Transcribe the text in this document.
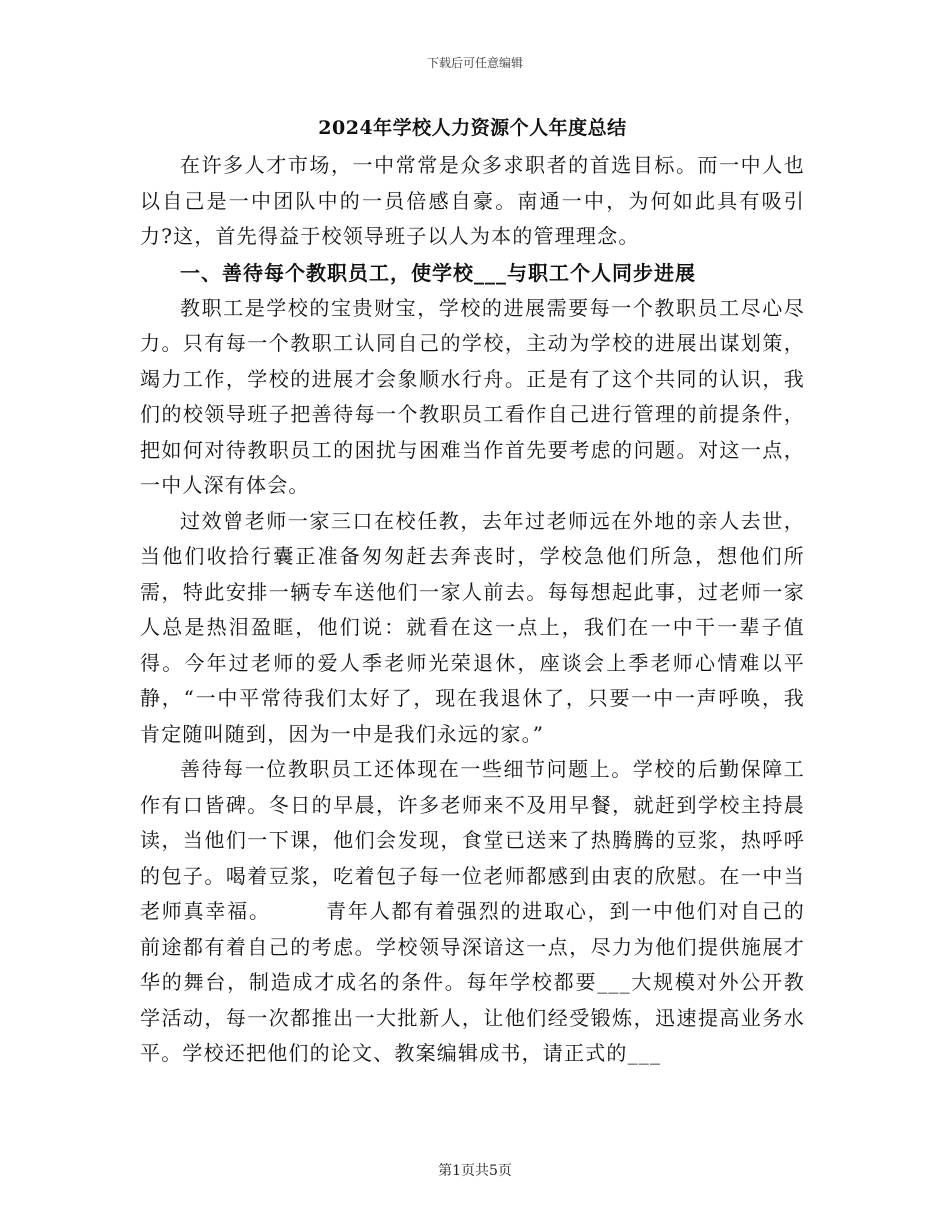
下载后可任意编辑
2024年学校人力资源个人年度总结

在许多人才市场，一中常常是众多求职者的首选目标。而一中人也以自己是一中团队中的一员倍感自豪。南通一中，为何如此具有吸引力?这，首先得益于校领导班子以人为本的管理理念。

一、善待每个教职员工，使学校___与职工个人同步进展

教职工是学校的宝贵财宝，学校的进展需要每一个教职员工尽心尽力。只有每一个教职工认同自己的学校，主动为学校的进展出谋划策，竭力工作，学校的进展才会象顺水行舟。正是有了这个共同的认识，我们的校领导班子把善待每一个教职员工看作自己进行管理的前提条件，把如何对待教职员工的困扰与困难当作首先要考虑的问题。对这一点，一中人深有体会。

过效曾老师一家三口在校任教，去年过老师远在外地的亲人去世，当他们收拾行囊正准备匆匆赶去奔丧时，学校急他们所急，想他们所需，特此安排一辆专车送他们一家人前去。每每想起此事，过老师一家人总是热泪盈眶，他们说：就看在这一点上，我们在一中干一辈子值得。今年过老师的爱人季老师光荣退休，座谈会上季老师心情难以平静，“一中平常待我们太好了，现在我退休了，只要一中一声呼唤，我肯定随叫随到，因为一中是我们永远的家。”

善待每一位教职员工还体现在一些细节问题上。学校的后勤保障工作有口皆碑。冬日的早晨，许多老师来不及用早餐，就赶到学校主持晨读，当他们一下课，他们会发现，食堂已送来了热腾腾的豆浆，热呼呼的包子。喝着豆浆，吃着包子每一位老师都感到由衷的欣慰。在一中当老师真幸福。　　　青年人都有着强烈的进取心，到一中他们对自己的前途都有着自己的考虑。学校领导深谙这一点，尽力为他们提供施展才华的舞台，制造成才成名的条件。每年学校都要___大规模对外公开教学活动，每一次都推出一大批新人，让他们经受锻炼，迅速提高业务水平。学校还把他们的论文、教案编辑成书，请正式的___

第1页共5页
